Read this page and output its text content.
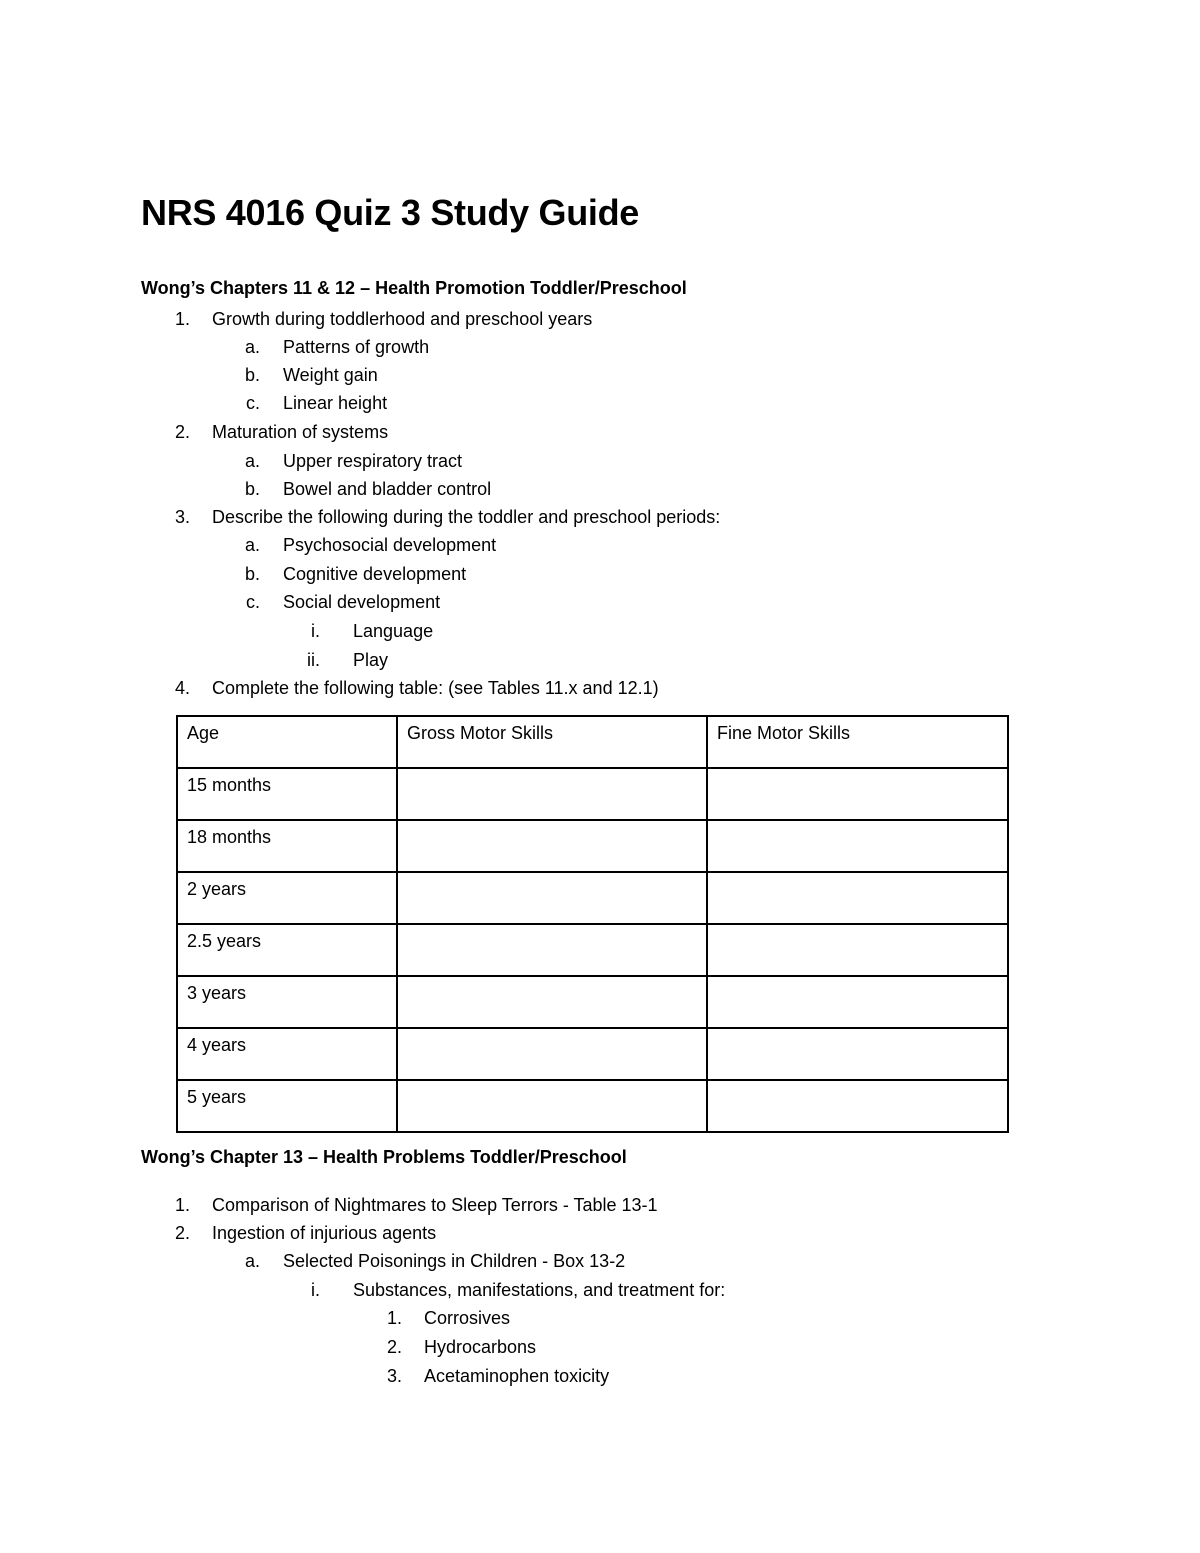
NRS 4016 Quiz 3 Study Guide
Wong’s Chapters 11 & 12 – Health Promotion Toddler/Preschool
1. Growth during toddlerhood and preschool years
a. Patterns of growth
b. Weight gain
c. Linear height
2. Maturation of systems
a. Upper respiratory tract
b. Bowel and bladder control
3. Describe the following during the toddler and preschool periods:
a. Psychosocial development
b. Cognitive development
c. Social development
i. Language
ii. Play
4. Complete the following table: (see Tables 11.x and 12.1)
Age	Gross Motor Skills	Fine Motor Skills
15 months		
18 months		
2 years		
2.5 years		
3 years		
4 years		
5 years		
Wong’s Chapter 13 – Health Problems Toddler/Preschool
1. Comparison of Nightmares to Sleep Terrors - Table 13-1
2. Ingestion of injurious agents
a. Selected Poisonings in Children - Box 13-2
i. Substances, manifestations, and treatment for:
1. Corrosives
2. Hydrocarbons
3. Acetaminophen toxicity
